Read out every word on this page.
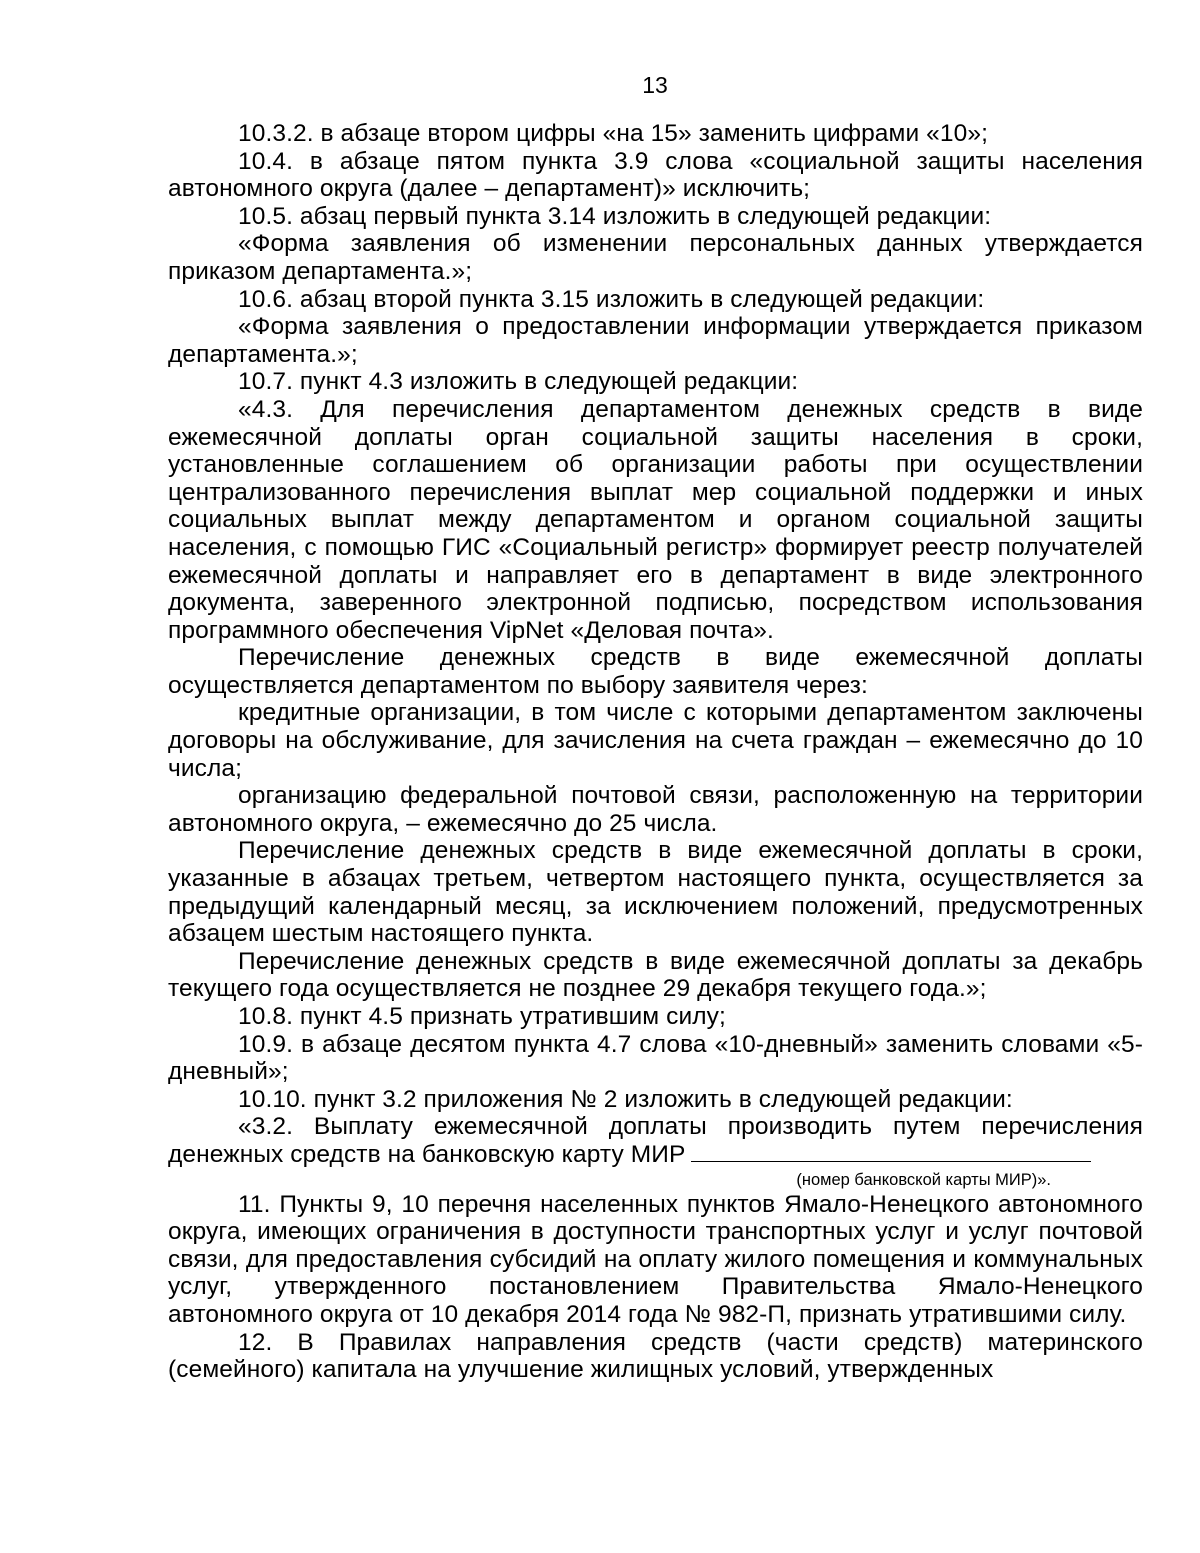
13

10.3.2. в абзаце втором цифры «на 15» заменить цифрами «10»;

10.4. в абзаце пятом пункта 3.9 слова «социальной защиты населения автономного округа (далее – департамент)» исключить;

10.5. абзац первый пункта 3.14 изложить в следующей редакции:

«Форма заявления об изменении персональных данных утверждается приказом департамента.»;

10.6. абзац второй пункта 3.15 изложить в следующей редакции:

«Форма заявления о предоставлении информации утверждается приказом департамента.»;

10.7. пункт 4.3 изложить в следующей редакции:

«4.3. Для перечисления департаментом денежных средств в виде ежемесячной доплаты орган социальной защиты населения в сроки, установленные соглашением об организации работы при осуществлении централизованного перечисления выплат мер социальной поддержки и иных социальных выплат между департаментом и органом социальной защиты населения, с помощью ГИС «Социальный регистр» формирует реестр получателей ежемесячной доплаты и направляет его в департамент в виде электронного документа, заверенного электронной подписью, посредством использования программного обеспечения VipNet «Деловая почта».

Перечисление денежных средств в виде ежемесячной доплаты осуществляется департаментом по выбору заявителя через:

кредитные организации, в том числе с которыми департаментом заключены договоры на обслуживание, для зачисления на счета граждан – ежемесячно до 10 числа;

организацию федеральной почтовой связи, расположенную на территории автономного округа, – ежемесячно до 25 числа.

Перечисление денежных средств в виде ежемесячной доплаты в сроки, указанные в абзацах третьем, четвертом настоящего пункта, осуществляется за предыдущий календарный месяц, за исключением положений, предусмотренных абзацем шестым настоящего пункта.

Перечисление денежных средств в виде ежемесячной доплаты за декабрь текущего года осуществляется не позднее 29 декабря текущего года.»;

10.8. пункт 4.5 признать утратившим силу;

10.9. в абзаце десятом пункта 4.7 слова «10-дневный» заменить словами «5-дневный»;

10.10. пункт 3.2 приложения № 2 изложить в следующей редакции:

«3.2. Выплату ежемесячной доплаты производить путем перечисления денежных средств на банковскую карту МИР

(номер банковской карты МИР)».

11. Пункты 9, 10 перечня населенных пунктов Ямало-Ненецкого автономного округа, имеющих ограничения в доступности транспортных услуг и услуг почтовой связи, для предоставления субсидий на оплату жилого помещения и коммунальных услуг, утвержденного постановлением Правительства Ямало-Ненецкого автономного округа от 10 декабря 2014 года № 982-П, признать утратившими силу.

12. В Правилах направления средств (части средств) материнского (семейного) капитала на улучшение жилищных условий, утвержденных
